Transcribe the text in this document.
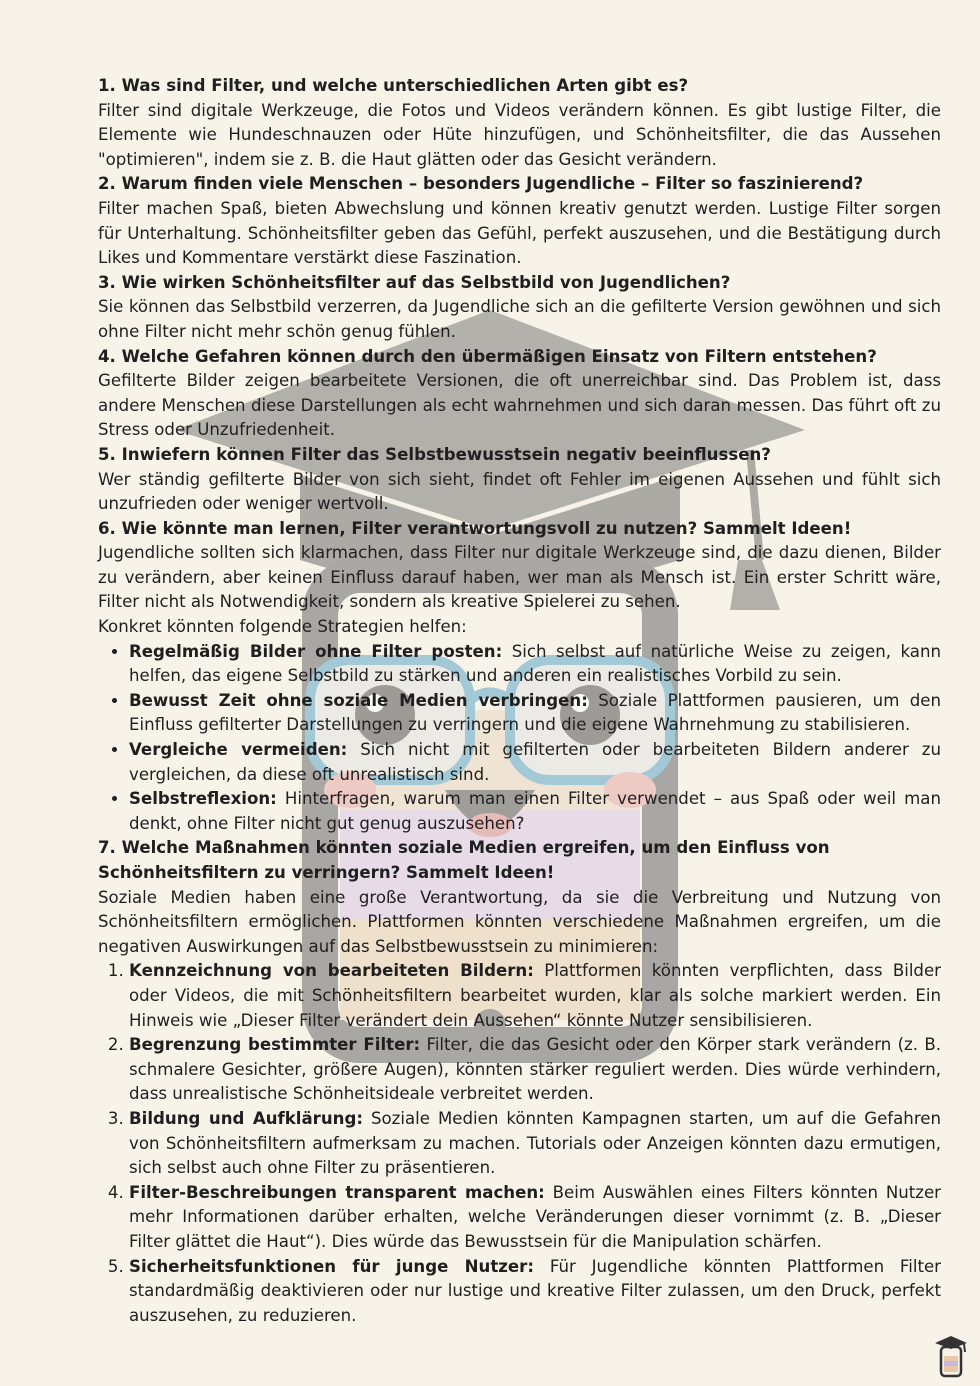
1. Was sind Filter, und welche unterschiedlichen Arten gibt es?

Filter sind digitale Werkzeuge, die Fotos und Videos verändern können. Es gibt lustige Filter, die Elemente wie Hundeschnauzen oder Hüte hinzufügen, und Schönheitsfilter, die das Aussehen "optimieren", indem sie z. B. die Haut glätten oder das Gesicht verändern.

2. Warum finden viele Menschen – besonders Jugendliche – Filter so faszinierend?

Filter machen Spaß, bieten Abwechslung und können kreativ genutzt werden. Lustige Filter sorgen für Unterhaltung. Schönheitsfilter geben das Gefühl, perfekt auszusehen, und die Bestätigung durch Likes und Kommentare verstärkt diese Faszination.

3. Wie wirken Schönheitsfilter auf das Selbstbild von Jugendlichen?

Sie können das Selbstbild verzerren, da Jugendliche sich an die gefilterte Version gewöhnen und sich ohne Filter nicht mehr schön genug fühlen.

4. Welche Gefahren können durch den übermäßigen Einsatz von Filtern entstehen?

Gefilterte Bilder zeigen bearbeitete Versionen, die oft unerreichbar sind. Das Problem ist, dass andere Menschen diese Darstellungen als echt wahrnehmen und sich daran messen. Das führt oft zu Stress oder Unzufriedenheit.

5. Inwiefern können Filter das Selbstbewusstsein negativ beeinflussen?

Wer ständig gefilterte Bilder von sich sieht, findet oft Fehler im eigenen Aussehen und fühlt sich unzufrieden oder weniger wertvoll.

6. Wie könnte man lernen, Filter verantwortungsvoll zu nutzen? Sammelt Ideen!

Jugendliche sollten sich klarmachen, dass Filter nur digitale Werkzeuge sind, die dazu dienen, Bilder zu verändern, aber keinen Einfluss darauf haben, wer man als Mensch ist. Ein erster Schritt wäre, Filter nicht als Notwendigkeit, sondern als kreative Spielerei zu sehen.

Konkret könnten folgende Strategien helfen:

• Regelmäßig Bilder ohne Filter posten: Sich selbst auf natürliche Weise zu zeigen, kann helfen, das eigene Selbstbild zu stärken und anderen ein realistisches Vorbild zu sein.
• Bewusst Zeit ohne soziale Medien verbringen: Soziale Plattformen pausieren, um den Einfluss gefilterter Darstellungen zu verringern und die eigene Wahrnehmung zu stabilisieren.
• Vergleiche vermeiden: Sich nicht mit gefilterten oder bearbeiteten Bildern anderer zu vergleichen, da diese oft unrealistisch sind.
• Selbstreflexion: Hinterfragen, warum man einen Filter verwendet – aus Spaß oder weil man denkt, ohne Filter nicht gut genug auszusehen?

7. Welche Maßnahmen könnten soziale Medien ergreifen, um den Einfluss von Schönheitsfiltern zu verringern? Sammelt Ideen!

Soziale Medien haben eine große Verantwortung, da sie die Verbreitung und Nutzung von Schönheitsfiltern ermöglichen. Plattformen könnten verschiedene Maßnahmen ergreifen, um die negativen Auswirkungen auf das Selbstbewusstsein zu minimieren:

1. Kennzeichnung von bearbeiteten Bildern: Plattformen könnten verpflichten, dass Bilder oder Videos, die mit Schönheitsfiltern bearbeitet wurden, klar als solche markiert werden. Ein Hinweis wie „Dieser Filter verändert dein Aussehen“ könnte Nutzer sensibilisieren.
2. Begrenzung bestimmter Filter: Filter, die das Gesicht oder den Körper stark verändern (z. B. schmalere Gesichter, größere Augen), könnten stärker reguliert werden. Dies würde verhindern, dass unrealistische Schönheitsideale verbreitet werden.
3. Bildung und Aufklärung: Soziale Medien könnten Kampagnen starten, um auf die Gefahren von Schönheitsfiltern aufmerksam zu machen. Tutorials oder Anzeigen könnten dazu ermutigen, sich selbst auch ohne Filter zu präsentieren.
4. Filter-Beschreibungen transparent machen: Beim Auswählen eines Filters könnten Nutzer mehr Informationen darüber erhalten, welche Veränderungen dieser vornimmt (z. B. „Dieser Filter glättet die Haut“). Dies würde das Bewusstsein für die Manipulation schärfen.
5. Sicherheitsfunktionen für junge Nutzer: Für Jugendliche könnten Plattformen Filter standardmäßig deaktivieren oder nur lustige und kreative Filter zulassen, um den Druck, perfekt auszusehen, zu reduzieren.
